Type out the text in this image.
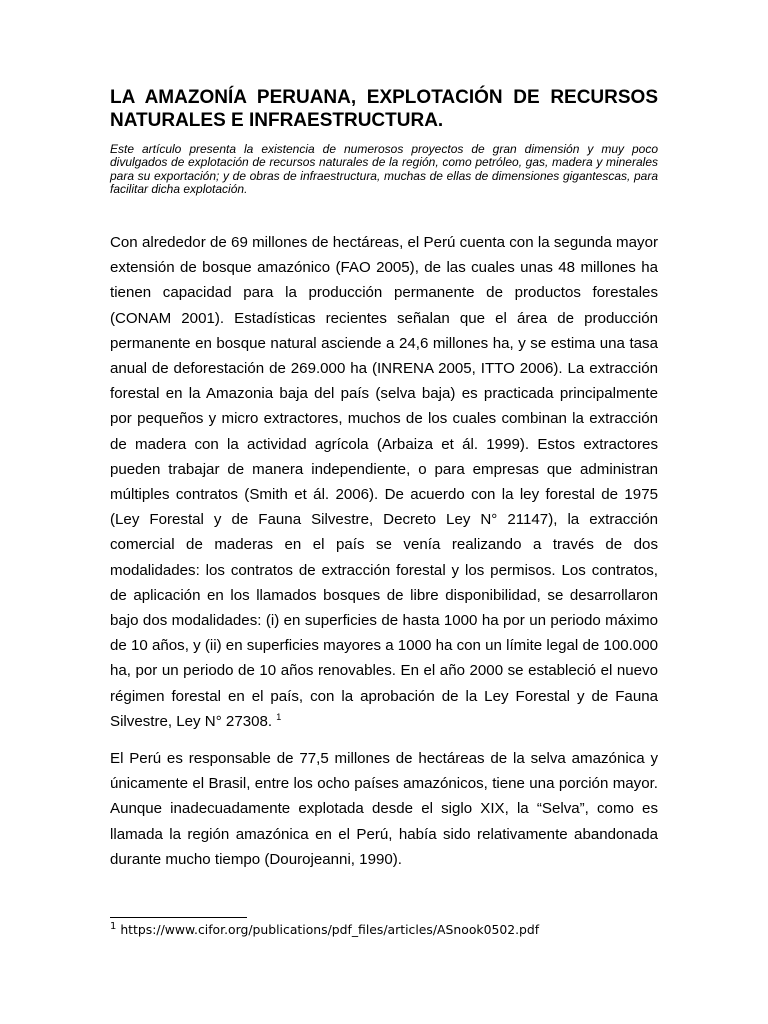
LA AMAZONÍA PERUANA, EXPLOTACIÓN DE RECURSOS NATURALES E INFRAESTRUCTURA.

Este artículo presenta la existencia de numerosos proyectos de gran dimensión y muy poco divulgados de explotación de recursos naturales de la región, como petróleo, gas, madera y minerales para su exportación; y de obras de infraestructura, muchas de ellas de dimensiones gigantescas, para facilitar dicha explotación.

Con alrededor de 69 millones de hectáreas, el Perú cuenta con la segunda mayor extensión de bosque amazónico (FAO 2005), de las cuales unas 48 millones ha tienen capacidad para la producción permanente de productos forestales (CONAM 2001). Estadísticas recientes señalan que el área de producción permanente en bosque natural asciende a 24,6 millones ha, y se estima una tasa anual de deforestación de 269.000 ha (INRENA 2005, ITTO 2006). La extracción forestal en la Amazonia baja del país (selva baja) es practicada principalmente por pequeños y micro extractores, muchos de los cuales combinan la extracción de madera con la actividad agrícola (Arbaiza et ál. 1999). Estos extractores pueden trabajar de manera independiente, o para empresas que administran múltiples contratos (Smith et ál. 2006). De acuerdo con la ley forestal de 1975 (Ley Forestal y de Fauna Silvestre, Decreto Ley N° 21147), la extracción comercial de maderas en el país se venía realizando a través de dos modalidades: los contratos de extracción forestal y los permisos. Los contratos, de aplicación en los llamados bosques de libre disponibilidad, se desarrollaron bajo dos modalidades: (i) en superficies de hasta 1000 ha por un periodo máximo de 10 años, y (ii) en superficies mayores a 1000 ha con un límite legal de 100.000 ha, por un periodo de 10 años renovables. En el año 2000 se estableció el nuevo régimen forestal en el país, con la aprobación de la Ley Forestal y de Fauna Silvestre, Ley N° 27308. $^1$

El Perú es responsable de 77,5 millones de hectáreas de la selva amazónica y únicamente el Brasil, entre los ocho países amazónicos, tiene una porción mayor. Aunque inadecuadamente explotada desde el siglo XIX, la “Selva”, como es llamada la región amazónica en el Perú, había sido relativamente abandonada durante mucho tiempo (Dourojeanni, 1990).

$^1$ https://www.cifor.org/publications/pdf_files/articles/ASnook0502.pdf
